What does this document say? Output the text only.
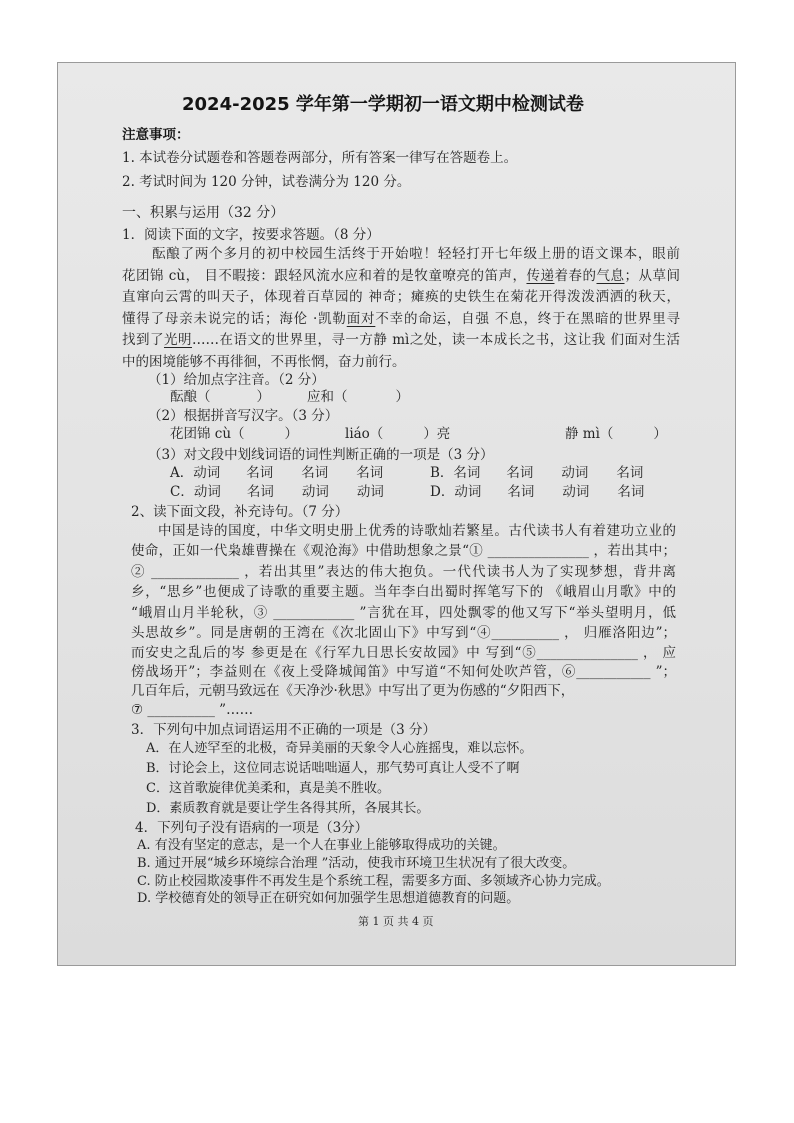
2024-2025 学年第一学期初一语文期中检测试卷
注意事项：
1. 本试卷分试题卷和答题卷两部分，所有答案一律写在答题卷上。
2. 考试时间为 120 分钟，试卷满分为 120 分。
一、积累与运用（32 分）
1．阅读下面的文字，按要求答题。（8 分）
酝酿了两个多月的初中校园生活终于开始啦！轻轻打开七年级上册的语文课本，眼前
花团锦 cù， 目不暇接：跟轻风流水应和着的是牧童嘹亮的笛声，传递着春的气息；从草间
直窜向云霄的叫天子，体现着百草园的 神奇；瘫痪的史铁生在菊花开得泼泼洒洒的秋天，
懂得了母亲未说完的话；海伦 ·凯勒面对不幸的命运，自强 不息，终于在黑暗的世界里寻
找到了光明……在语文的世界里，寻一方静 mì之处，读一本成长之书，这让我 们面对生活
中的困境能够不再徘徊，不再怅惘，奋力前行。
（1）给加点字注音。（2 分）
酝酿（	）	应和（	）
（2）根据拼音写汉字。（3 分）
花团锦 cù（	）	liáo（	）亮	静 mì（	）
（3）对文段中划线词语的词性判断正确的一项是（3 分）
A．动词 名词 名词 名词	B．名词 名词 动词 名词
C．动词 名词 动词 动词	D．动词 名词 动词 名词
2、读下面文段，补充诗句。（7 分）
中国是诗的国度，中华文明史册上优秀的诗歌灿若繁星。古代读书人有着建功立业的
使命，正如一代枭雄曹操在《观沧海》中借助想象之景“① _______________ ，若出其中；
② _____________ ，若出其里”表达的伟大抱负。一代代读书人为了实现梦想，背井离
乡，“思乡”也便成了诗歌的重要主题。当年李白出蜀时挥笔写下的 《峨眉山月歌》中的
“峨眉山月半轮秋，③ ____________ ”言犹在耳，四处飘零的他又写下“举头望明月，低
头思故乡”。同是唐朝的王湾在《次北固山下》中写到“④__________ ， 归雁洛阳边”；
而安史之乱后的岑 参更是在《行军九日思长安故园》中 写到“⑤_______________ ， 应
傍战场开”；李益则在《夜上受降城闻笛》中写道“不知何处吹芦管，⑥___________ ”；
几百年后，元朝马致远在《天净沙·秋思》中写出了更为伤感的“夕阳西下，
⑦ __________ ”……
3．下列句中加点词语运用不正确的一项是（3 分）
A．在人迹罕至的北极，奇异美丽的天象令人心旌摇曳，难以忘怀。
B．讨论会上，这位同志说话咄咄逼人，那气势可真让人受不了啊
C．这首歌旋律优美柔和，真是美不胜收。
D．素质教育就是要让学生各得其所，各展其长。
4．下列句子没有语病的一项是（3分）
A. 有没有坚定的意志，是一个人在事业上能够取得成功的关键。
B. 通过开展“城乡环境综合治理 ”活动，使我市环境卫生状况有了很大改变。
C. 防止校园欺凌事件不再发生是个系统工程，需要多方面、多领域齐心协力完成。
D. 学校德育处的领导正在研究如何加强学生思想道德教育的问题。
第 1 页 共 4 页
